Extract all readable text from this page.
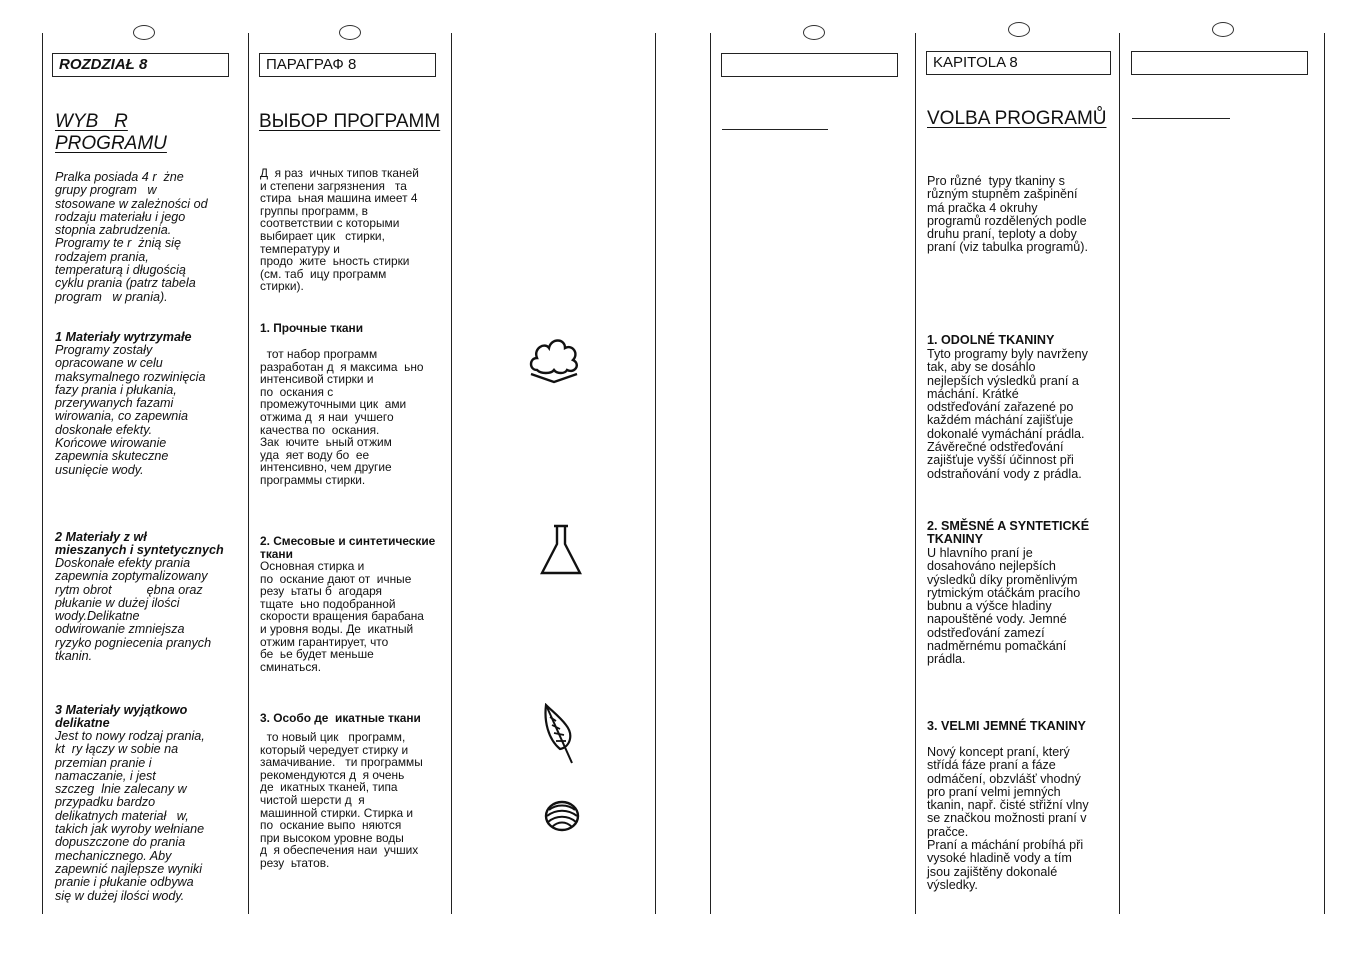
ROZDZIAŁ 8
WYB   R
PROGRAMU
Pralka posiada 4 r  żne
grupy program   w
stosowane w zależności od
rodzaju materiału i jego
stopnia zabrudzenia.
Programy te r  żnią się
rodzajem prania,
temperaturą i długością
cyklu prania (patrz tabela
program   w prania).
1 Materiały wytrzymałe
Programy zostały
opracowane w celu
maksymalnego rozwinięcia
fazy prania i płukania,
przerywanych fazami
wirowania, co zapewnia
doskonałe efekty.
Końcowe wirowanie
zapewnia skuteczne
usunięcie wody.
2 Materiały z wł
mieszanych i syntetycznych
Doskonałe efekty prania
zapewnia zoptymalizowany
rytm obrot          ębna oraz
płukanie w dużej ilości
wody.Delikatne
odwirowanie zmniejsza
ryzyko pogniecenia pranych
tkanin.
3 Materiały wyjątkowo
delikatne
Jest to nowy rodzaj prania,
kt  ry łączy w sobie na
przemian pranie i
namaczanie, i jest
szczeg  lnie zalecany w
przypadku bardzo
delikatnych materiał   w,
takich jak wyroby wełniane
dopuszczone do prania
mechanicznego. Aby
zapewnić najlepsze wyniki
pranie i płukanie odbywa
się w dużej ilości wody.
ПАРАГРАФ 8
ВЫБОР ПРОГРАММ
Д  я раз  ичных типов тканей
и степени загрязнения   та
стира  ьная машина имеет 4
группы программ, в
соответствии с которыми
выбирает цик   стирки,
температуру и
продо  жите  ьность стирки
(см. таб  ицу программ
стирки).
1. Прочные ткани
тот набор программ
разработан д  я максима  ьно
интенсивой стирки и
по  оскания с
промежуточными цик  ами
отжима д  я наи  учшего
качества по  оскания.
Зак  ючите  ьный отжим
уда  яет воду бо  ее
интенсивно, чем другие
программы стирки.
2. Смесовые и синтетические
ткани
Основная стирка и
по  оскание дают от  ичные
резу  ьтаты б  агодаря
тщате  ьно подобранной
скорости вращения барабана
и уровня воды. Де  икатный
отжим гарантирует, что
бе  ье будет меньше
сминаться.
3. Особо де  икатные ткани
то новый цик   программ,
который чередует стирку и
замачивание.   ти программы
рекомендуются д  я очень
де  икатных тканей, типа
чистой шерсти д  я
машинной стирки. Стирка и
по  оскание выпо  няются
при высоком уровне воды
д  я обеспечения наи  учших
резу  ьтатов.
KAPITOLA 8
VOLBA PROGRAMŮ
Pro různé  typy tkaniny s
různým stupněm zašpinění
má pračka 4 okruhy
programů rozdělených podle
druhu praní, teploty a doby
praní (viz tabulka programů).
1. ODOLNÉ TKANINY
Tyto programy byly navrženy
tak, aby se dosáhlo
nejlepších výsledků praní a
máchání. Krátké
odstřeďování zařazené po
každém máchání zajišťuje
dokonalé vymáchání prádla.
Závěrečné odstřeďování
zajišťuje vyšší účinnost při
odstraňování vody z prádla.
2. SMĚSNÉ A SYNTETICKÉ
TKANINY
U hlavního praní je
dosahováno nejlepších
výsledků díky proměnlivým
rytmickým otáčkám pracího
bubnu a výšce hladiny
napouštěné vody. Jemné
odstřeďování zamezí
nadměrnému pomačkání
prádla.
3. VELMI JEMNÉ TKANINY
Nový koncept praní, který
střídá fáze praní a fáze
odmáčení, obzvlášť vhodný
pro praní velmi jemných
tkanin, např. čisté střižní vlny
se značkou možnosti praní v
pračce.
Praní a máchání probíhá při
vysoké hladině vody a tím
jsou zajištěny dokonalé
výsledky.
